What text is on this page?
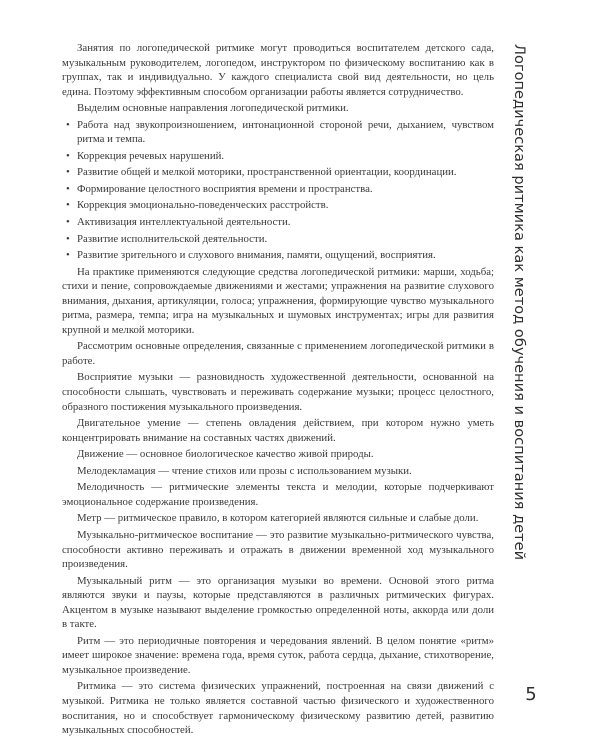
Занятия по логопедической ритмике могут проводиться воспитателем детского сада, музыкальным руководителем, логопедом, инструктором по физическому воспитанию как в группах, так и индивидуально. У каждого специалиста свой вид деятельности, но цель едина. Поэтому эффективным способом организации работы является сотрудничество.

Выделим основные направления логопедической ритмики.

• Работа над звукопроизношением, интонационной стороной речи, дыханием, чувством ритма и темпа.
• Коррекция речевых нарушений.
• Развитие общей и мелкой моторики, пространственной ориентации, координации.
• Формирование целостного восприятия времени и пространства.
• Коррекция эмоционально-поведенческих расстройств.
• Активизация интеллектуальной деятельности.
• Развитие исполнительской деятельности.
• Развитие зрительного и слухового внимания, памяти, ощущений, восприятия.

На практике применяются следующие средства логопедической ритмики: марши, ходьба; стихи и пение, сопровождаемые движениями и жестами; упражнения на развитие слухового внимания, дыхания, артикуляции, голоса; упражнения, формирующие чувство музыкального ритма, размера, темпа; игра на музыкальных и шумовых инструментах; игры для развития крупной и мелкой моторики.

Рассмотрим основные определения, связанные с применением логопедической ритмики в работе.

Восприятие музыки — разновидность художественной деятельности, основанной на способности слышать, чувствовать и переживать содержание музыки; процесс целостного, образного постижения музыкального произведения.

Двигательное умение — степень овладения действием, при котором нужно уметь концентрировать внимание на составных частях движений.

Движение — основное биологическое качество живой природы.

Мелодекламация — чтение стихов или прозы с использованием музыки.

Мелодичность — ритмические элементы текста и мелодии, которые подчеркивают эмоциональное содержание произведения.

Метр — ритмическое правило, в котором категорией являются сильные и слабые доли.

Музыкально-ритмическое воспитание — это развитие музыкально-ритмического чувства, способности активно переживать и отражать в движении временной ход музыкального произведения.

Музыкальный ритм — это организация музыки во времени. Основой этого ритма являются звуки и паузы, которые представляются в различных ритмических фигурах. Акцентом в музыке называют выделение громкостью определенной ноты, аккорда или доли в такте.

Ритм — это периодичные повторения и чередования явлений. В целом понятие «ритм» имеет широкое значение: времена года, время суток, работа сердца, дыхание, стихотворение, музыкальное произведение.

Ритмика — это система физических упражнений, построенная на связи движений с музыкой. Ритмика не только является составной частью физического и художественного воспитания, но и способствует гармоническому физическому развитию детей, развитию музыкальных способностей.

Логопедическая ритмика как метод обучения и воспитания детей
5
